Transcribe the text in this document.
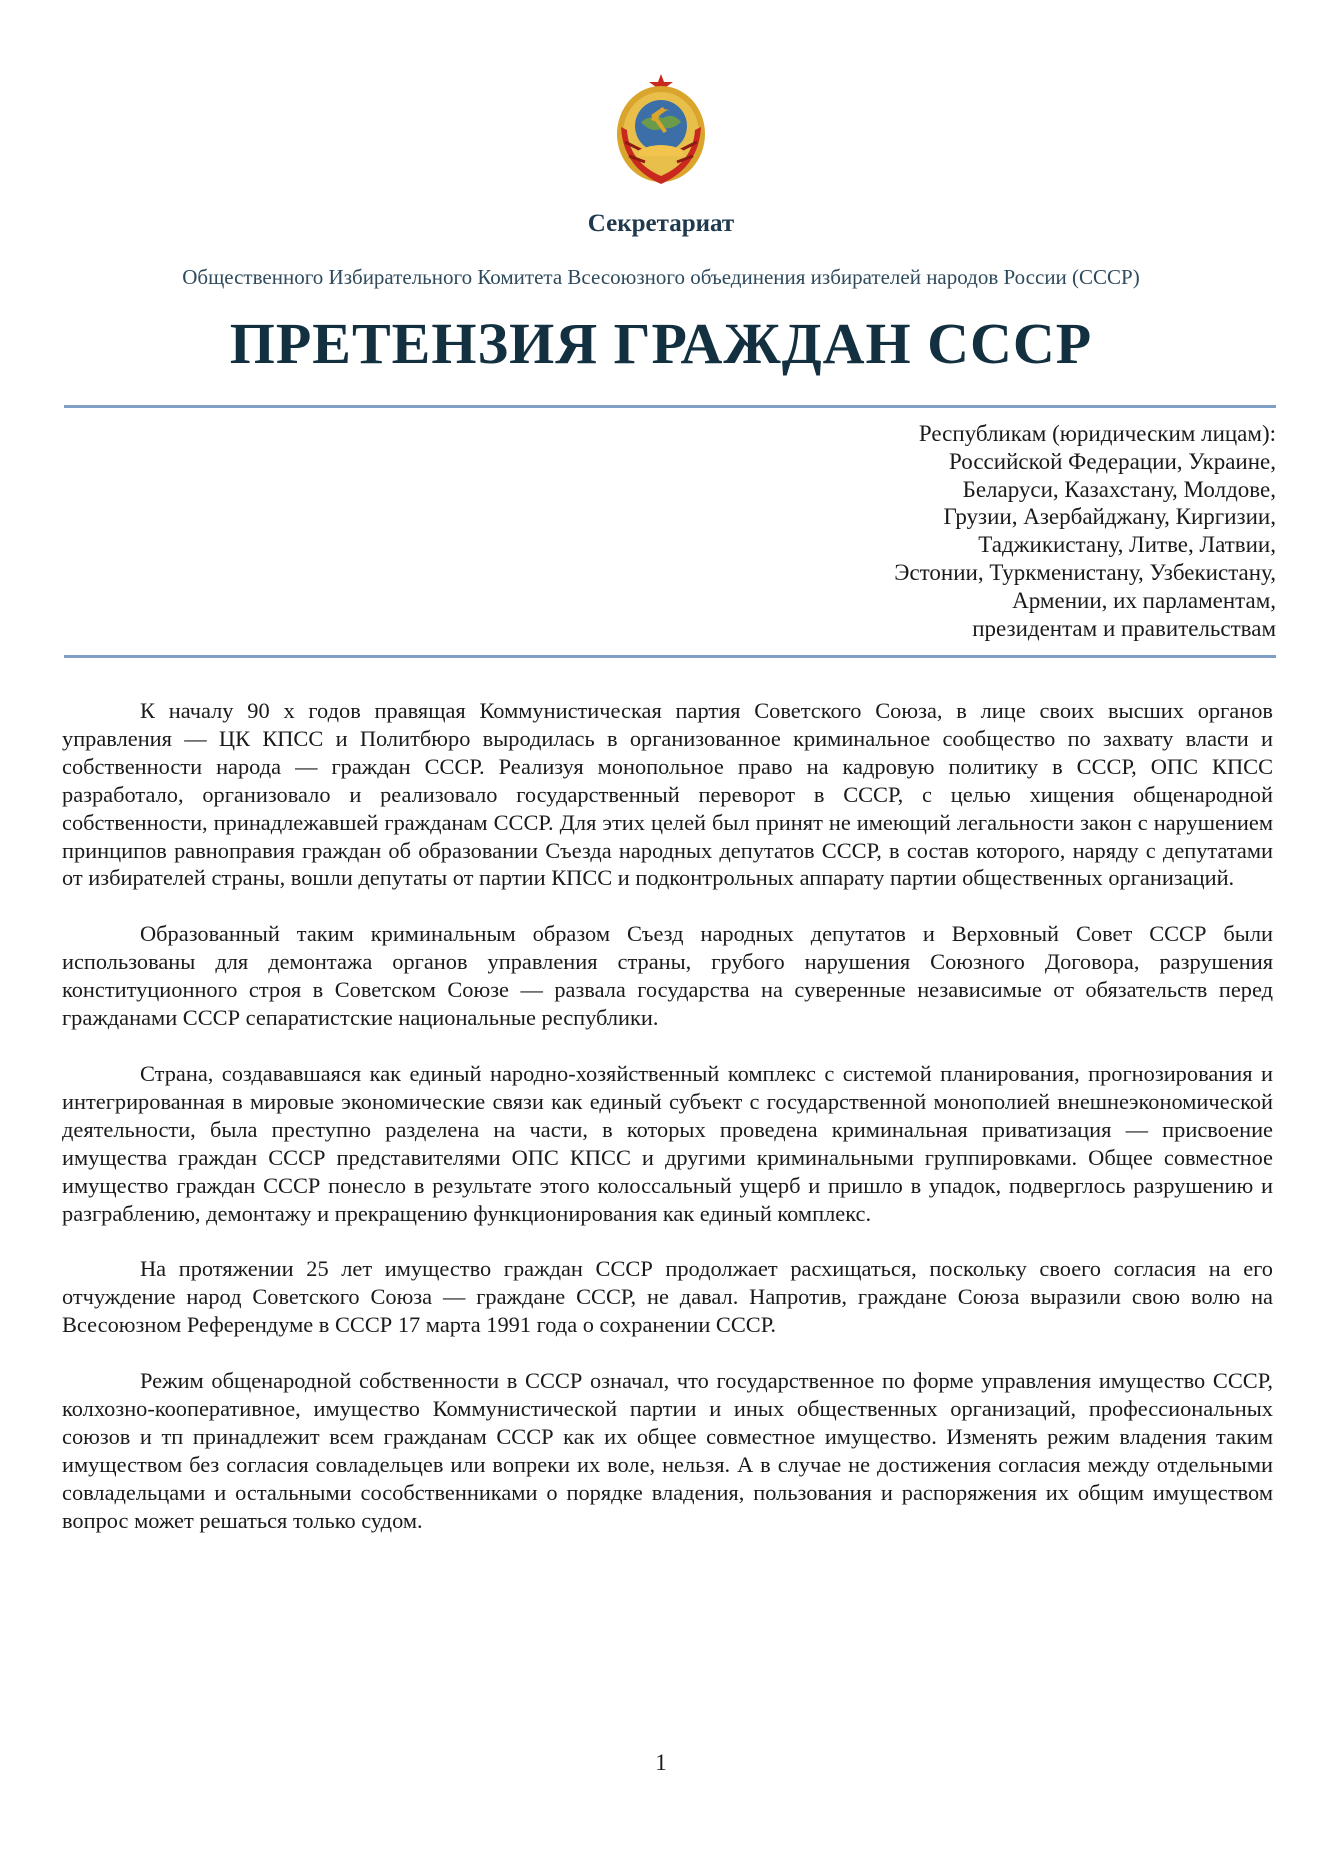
Секретариат
Общественного Избирательного Комитета Всесоюзного объединения избирателей народов России (СССР)
ПРЕТЕНЗИЯ ГРАЖДАН СССР
Республикам (юридическим лицам):
Российской Федерации, Украине,
Беларуси, Казахстану, Молдове,
Грузии, Азербайджану, Киргизии,
Таджикистану, Литве, Латвии,
Эстонии, Туркменистану, Узбекистану,
Армении, их парламентам,
президентам и правительствам

К началу 90 х годов правящая Коммунистическая партия Советского Союза, в лице своих высших органов управления — ЦК КПСС и Политбюро выродилась в организованное криминальное сообщество по захвату власти и собственности народа — граждан СССР. Реализуя монопольное право на кадровую политику в СССР, ОПС КПСС разработало, организовало и реализовало государственный переворот в СССР, с целью хищения общенародной собственности, принадлежавшей гражданам СССР. Для этих целей был принят не имеющий легальности закон с нарушением принципов равноправия граждан об образовании Съезда народных депутатов СССР, в состав которого, наряду с депутатами от избирателей страны, вошли депутаты от партии КПСС и подконтрольных аппарату партии общественных организаций.

Образованный таким криминальным образом Съезд народных депутатов и Верховный Совет СССР были использованы для демонтажа органов управления страны, грубого нарушения Союзного Договора, разрушения конституционного строя в Советском Союзе — развала государства на суверенные независимые от обязательств перед гражданами СССР сепаратистские национальные республики.

Страна, создававшаяся как единый народно-хозяйственный комплекс с системой планирования, прогнозирования и интегрированная в мировые экономические связи как единый субъект с государственной монополией внешнеэкономической деятельности, была преступно разделена на части, в которых проведена криминальная приватизация — присвоение имущества граждан СССР представителями ОПС КПСС и другими криминальными группировками. Общее совместное имущество граждан СССР понесло в результате этого колоссальный ущерб и пришло в упадок, подверглось разрушению и разграблению, демонтажу и прекращению функционирования как единый комплекс.

На протяжении 25 лет имущество граждан СССР продолжает расхищаться, поскольку своего согласия на его отчуждение народ Советского Союза — граждане СССР, не давал. Напротив, граждане Союза выразили свою волю на Всесоюзном Референдуме в СССР 17 марта 1991 года о сохранении СССР.

Режим общенародной собственности в СССР означал, что государственное по форме управления имущество СССР, колхозно-кооперативное, имущество Коммунистической партии и иных общественных организаций, профессиональных союзов и тп принадлежит всем гражданам СССР как их общее совместное имущество. Изменять режим владения таким имуществом без согласия совладельцев или вопреки их воле, нельзя. А в случае не достижения согласия между отдельными совладельцами и остальными сособственниками о порядке владения, пользования и распоряжения их общим имуществом вопрос может решаться только судом.

1
